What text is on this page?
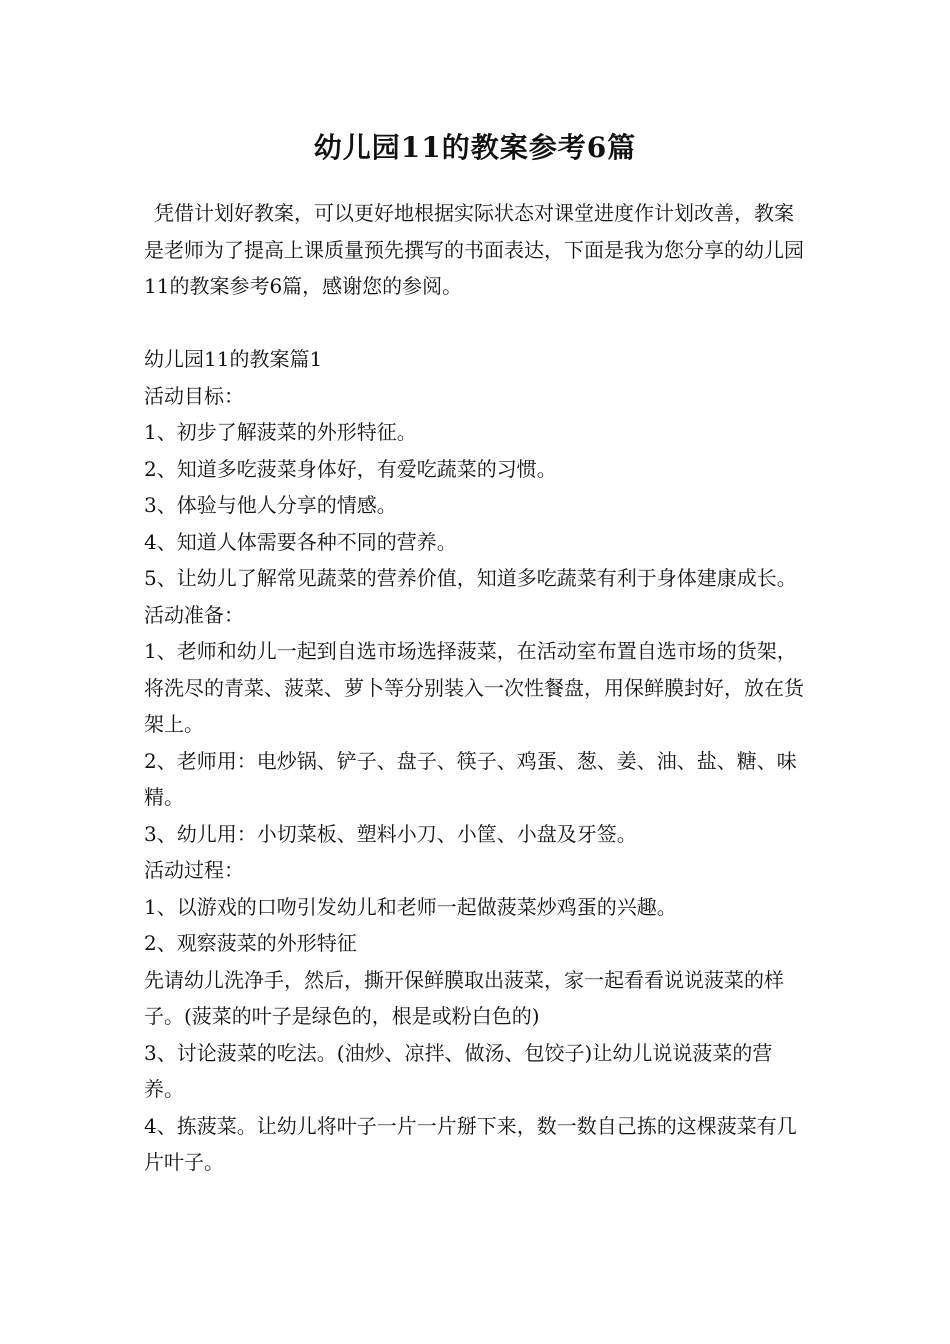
幼儿园11的教案参考6篇

凭借计划好教案，可以更好地根据实际状态对课堂进度作计划改善，教案是老师为了提高上课质量预先撰写的书面表达，下面是我为您分享的幼儿园11的教案参考6篇，感谢您的参阅。

幼儿园11的教案篇1

活动目标：

1、初步了解菠菜的外形特征。

2、知道多吃菠菜身体好，有爱吃蔬菜的习惯。

3、体验与他人分享的情感。

4、知道人体需要各种不同的营养。

5、让幼儿了解常见蔬菜的营养价值，知道多吃蔬菜有利于身体建康成长。

活动准备：

1、老师和幼儿一起到自选市场选择菠菜，在活动室布置自选市场的货架，将洗尽的青菜、菠菜、萝卜等分别装入一次性餐盘，用保鲜膜封好，放在货架上。

2、老师用：电炒锅、铲子、盘子、筷子、鸡蛋、葱、姜、油、盐、糖、味精。

3、幼儿用：小切菜板、塑料小刀、小筐、小盘及牙签。

活动过程：

1、以游戏的口吻引发幼儿和老师一起做菠菜炒鸡蛋的兴趣。

2、观察菠菜的外形特征

先请幼儿洗净手，然后，撕开保鲜膜取出菠菜，家一起看看说说菠菜的样子。(菠菜的叶子是绿色的，根是或粉白色的)

3、讨论菠菜的吃法。(油炒、凉拌、做汤、包饺子)让幼儿说说菠菜的营养。

4、拣菠菜。让幼儿将叶子一片一片掰下来，数一数自己拣的这棵菠菜有几片叶子。
